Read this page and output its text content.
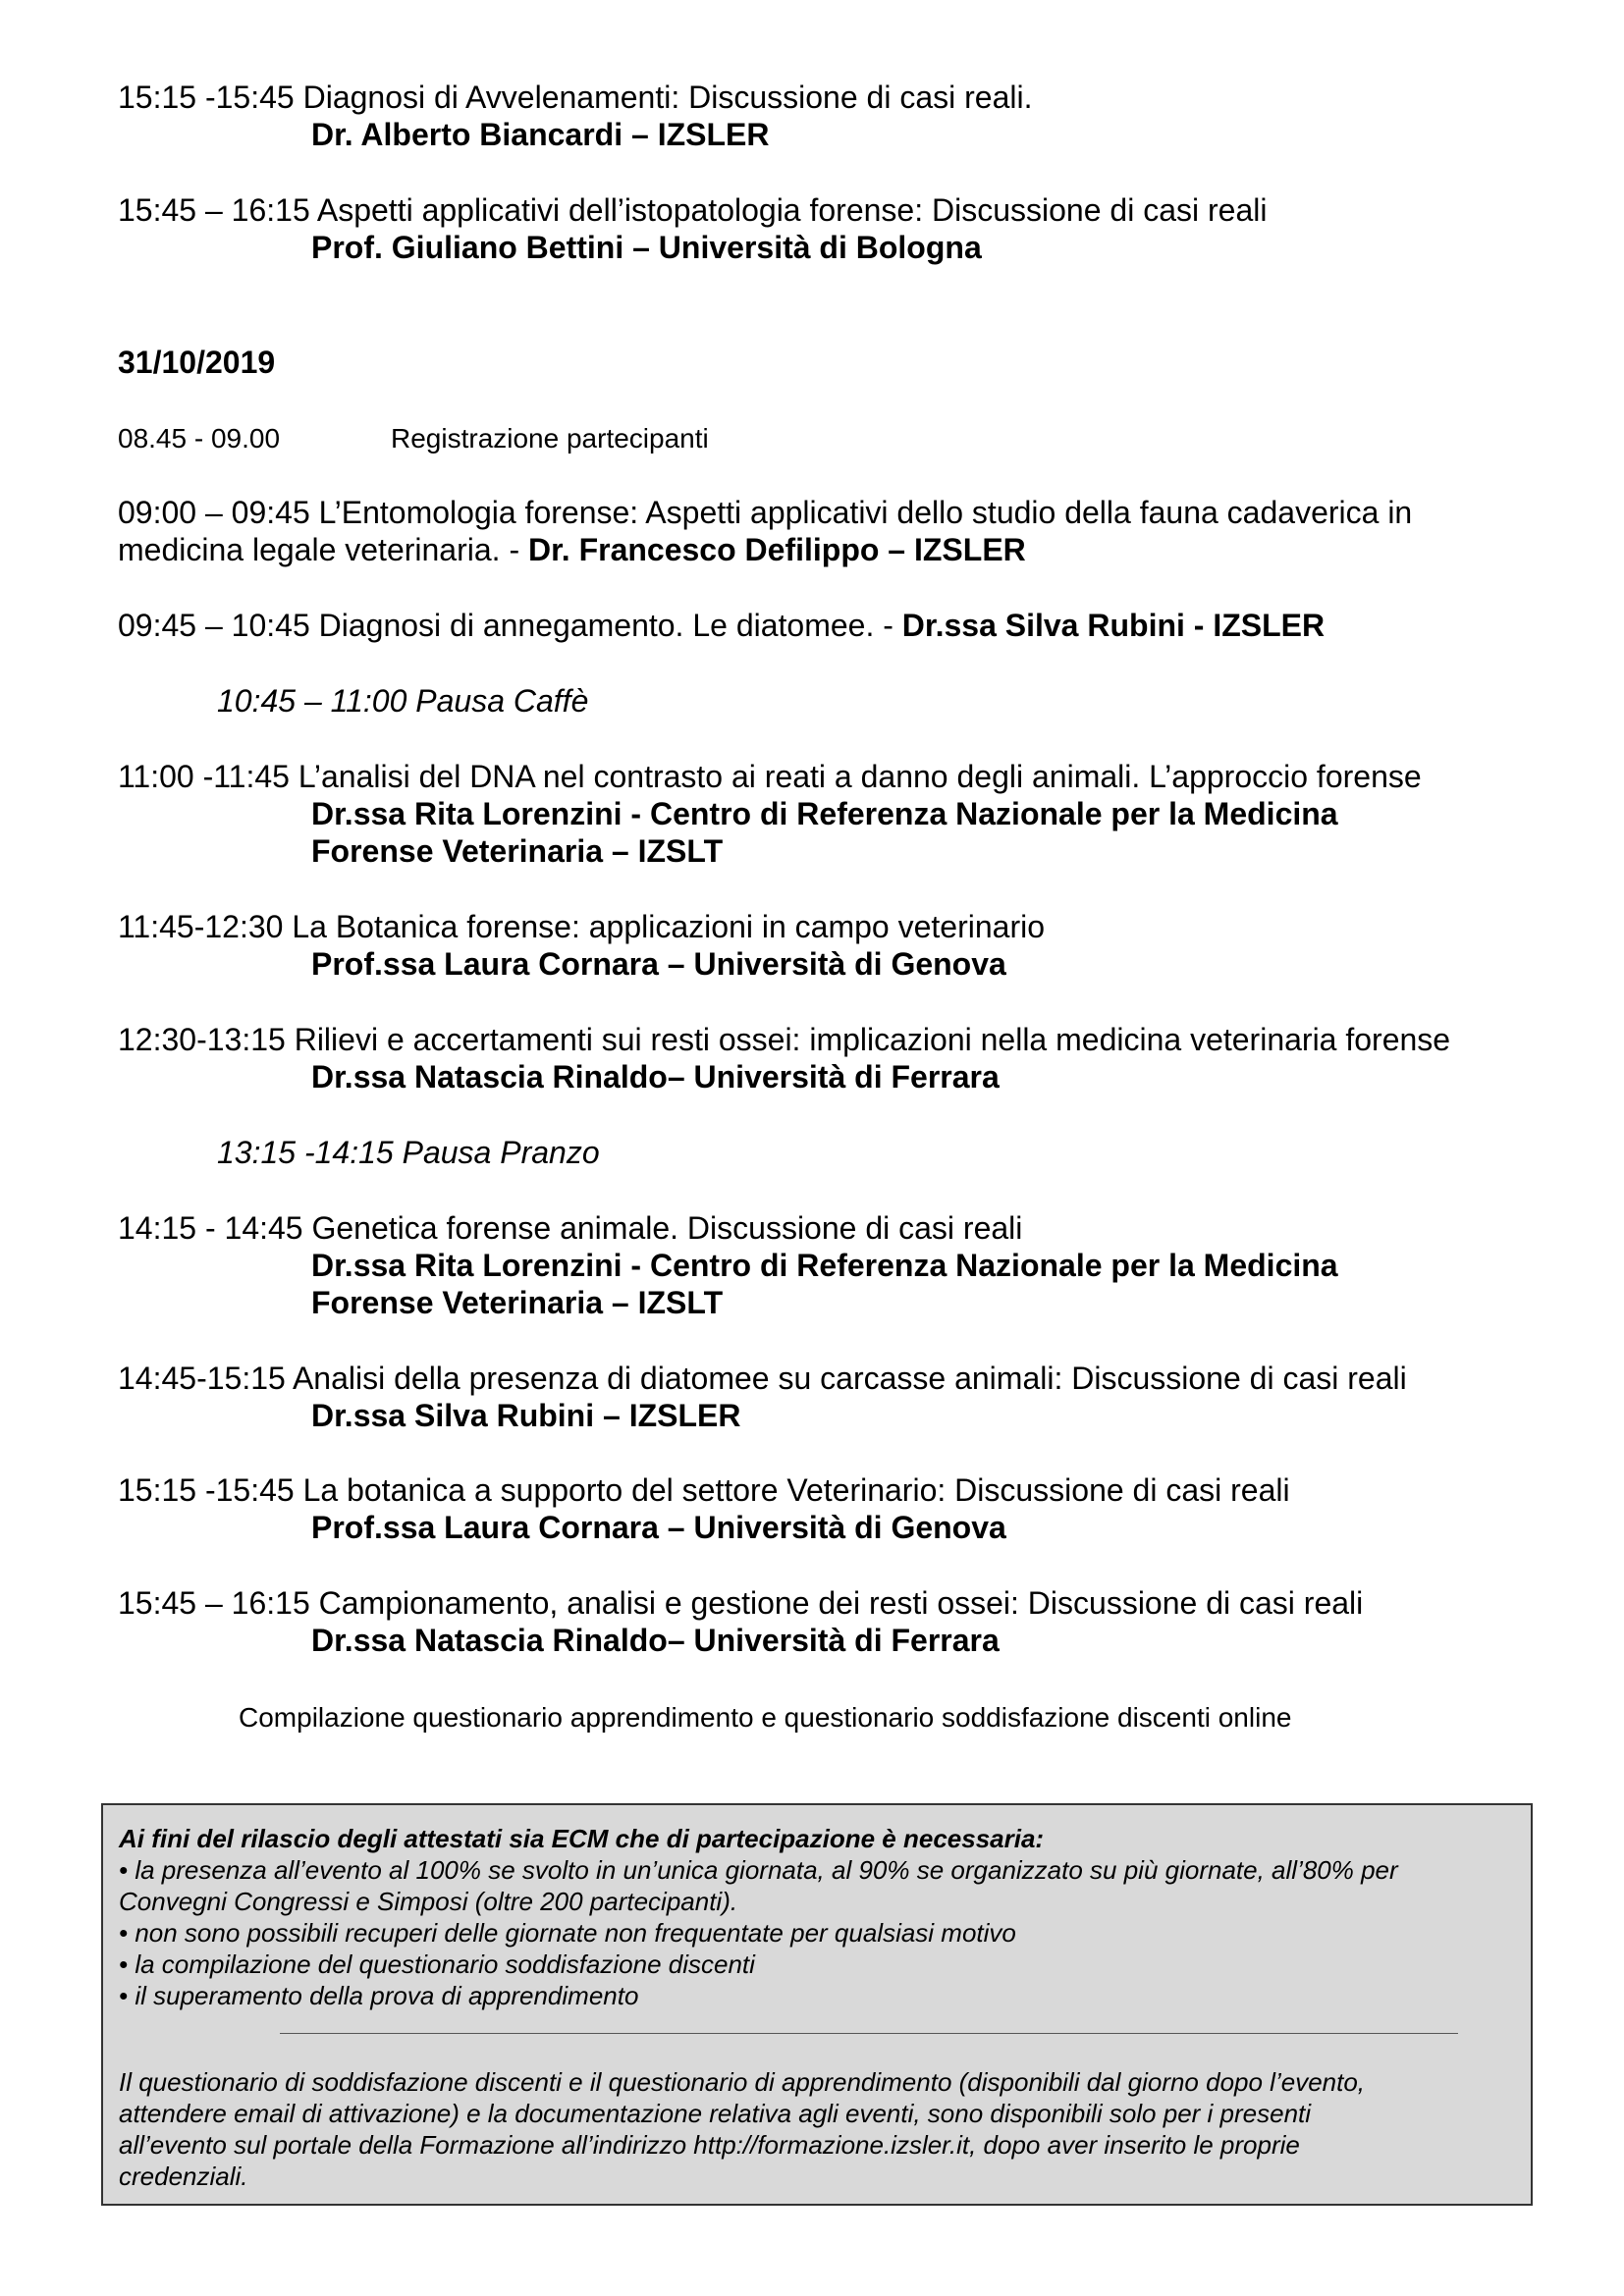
15:15 -15:45 Diagnosi di Avvelenamenti: Discussione di casi reali.
Dr. Alberto Biancardi – IZSLER
15:45 – 16:15 Aspetti applicativi dell’istopatologia forense: Discussione di casi reali
Prof. Giuliano Bettini – Università di Bologna
31/10/2019
08.45 - 09.00	Registrazione partecipanti
09:00 – 09:45 L’Entomologia forense: Aspetti applicativi dello studio della fauna cadaverica in
medicina legale veterinaria. - Dr. Francesco Defilippo – IZSLER
09:45 – 10:45 Diagnosi di annegamento. Le diatomee. - Dr.ssa Silva Rubini - IZSLER
10:45 – 11:00 Pausa Caffè
11:00 -11:45 L’analisi del DNA nel contrasto ai reati a danno degli animali. L’approccio forense
Dr.ssa Rita Lorenzini - Centro di Referenza Nazionale per la Medicina
Forense Veterinaria – IZSLT
11:45-12:30 La Botanica forense: applicazioni in campo veterinario
Prof.ssa Laura Cornara – Università di Genova
12:30-13:15 Rilievi e accertamenti sui resti ossei: implicazioni nella medicina veterinaria forense
Dr.ssa Natascia Rinaldo– Università di Ferrara
13:15 -14:15 Pausa Pranzo
14:15 - 14:45 Genetica forense animale. Discussione di casi reali
Dr.ssa Rita Lorenzini - Centro di Referenza Nazionale per la Medicina
Forense Veterinaria – IZSLT
14:45-15:15 Analisi della presenza di diatomee su carcasse animali: Discussione di casi reali
Dr.ssa Silva Rubini – IZSLER
15:15 -15:45 La botanica a supporto del settore Veterinario: Discussione di casi reali
Prof.ssa Laura Cornara – Università di Genova
15:45 – 16:15 Campionamento, analisi e gestione dei resti ossei: Discussione di casi reali
Dr.ssa Natascia Rinaldo– Università di Ferrara
Compilazione questionario apprendimento e questionario soddisfazione discenti online
Ai fini del rilascio degli attestati sia ECM che di partecipazione è necessaria:
• la presenza all’evento al 100% se svolto in un’unica giornata, al 90% se organizzato su più giornate, all’80% per
Convegni Congressi e Simposi (oltre 200 partecipanti).
• non sono possibili recuperi delle giornate non frequentate per qualsiasi motivo
• la compilazione del questionario soddisfazione discenti
• il superamento della prova di apprendimento
Il questionario di soddisfazione discenti e il questionario di apprendimento (disponibili dal giorno dopo l’evento,
attendere email di attivazione) e la documentazione relativa agli eventi, sono disponibili solo per i presenti
all’evento sul portale della Formazione all’indirizzo http://formazione.izsler.it, dopo aver inserito le proprie
credenziali.
